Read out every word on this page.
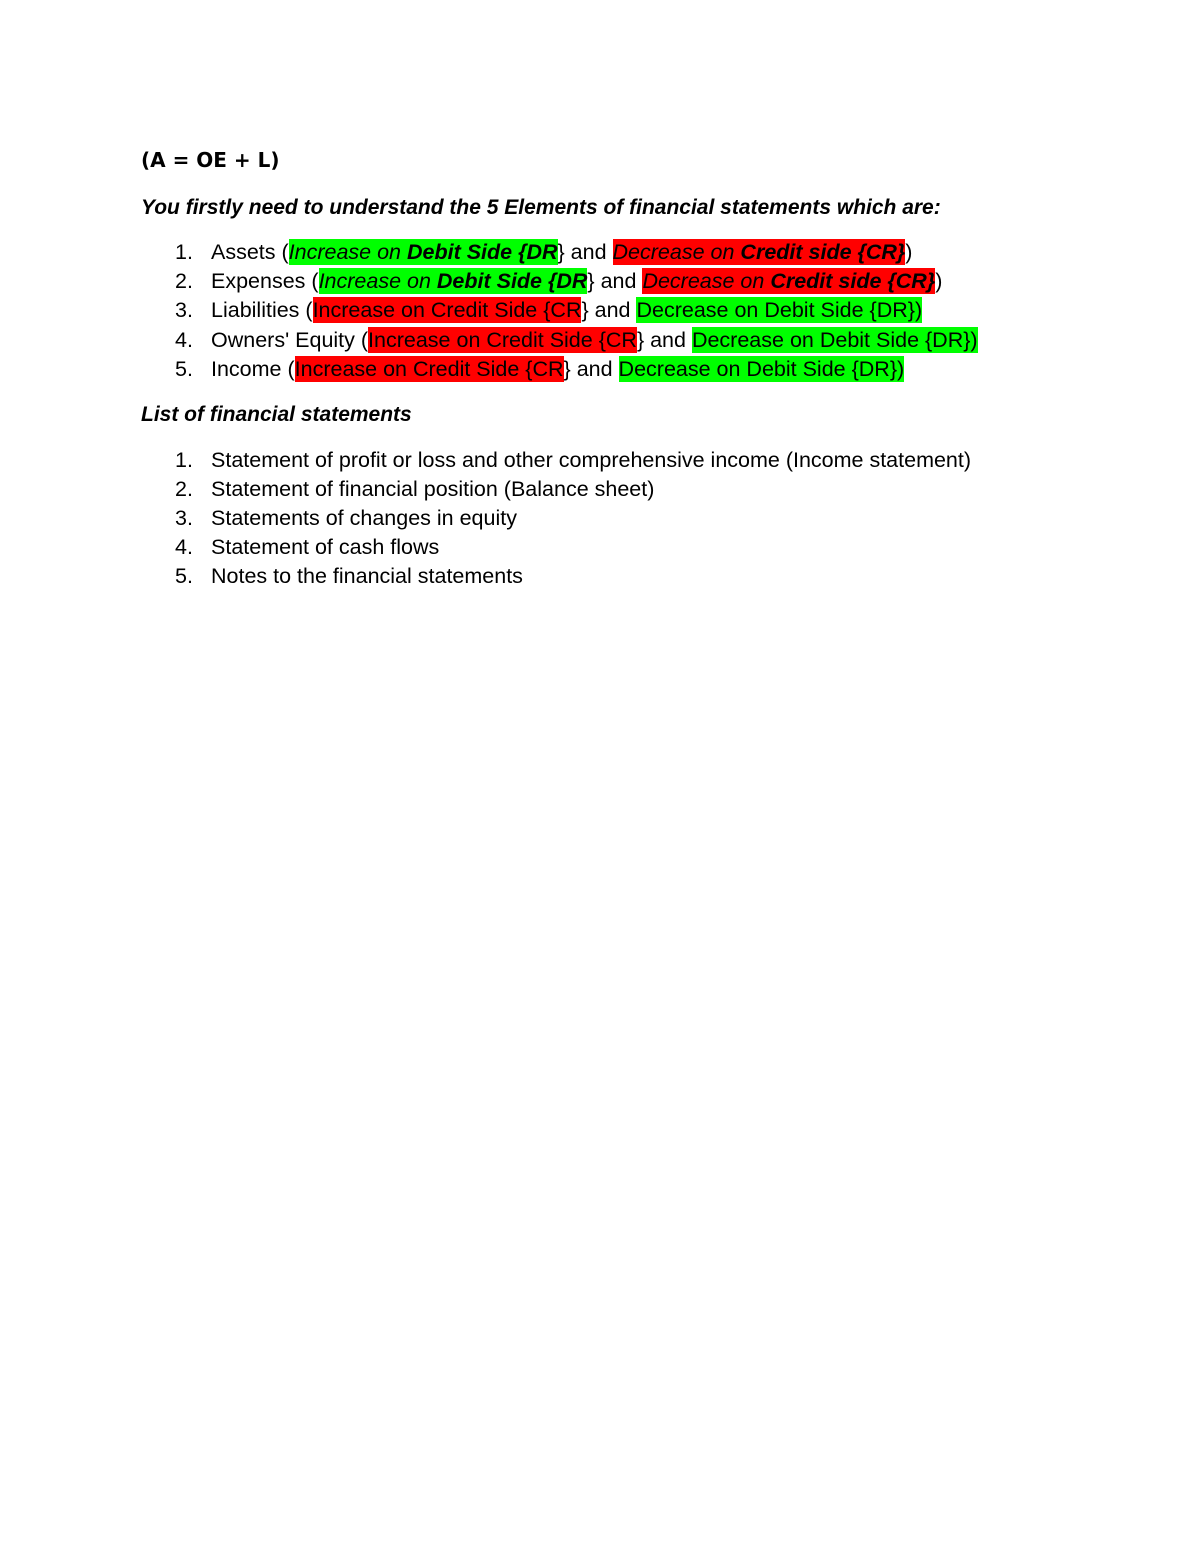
(A = OE + L)
You firstly need to understand the 5 Elements of financial statements which are:
1. Assets (Increase on Debit Side {DR} and Decrease on Credit side {CR})
2. Expenses (Increase on Debit Side {DR} and Decrease on Credit side {CR})
3. Liabilities (Increase on Credit Side {CR} and Decrease on Debit Side {DR})
4. Owners' Equity (Increase on Credit Side {CR} and Decrease on Debit Side {DR})
5. Income (Increase on Credit Side {CR} and Decrease on Debit Side {DR})
List of financial statements
1. Statement of profit or loss and other comprehensive income (Income statement)
2. Statement of financial position (Balance sheet)
3. Statements of changes in equity
4. Statement of cash flows
5. Notes to the financial statements
